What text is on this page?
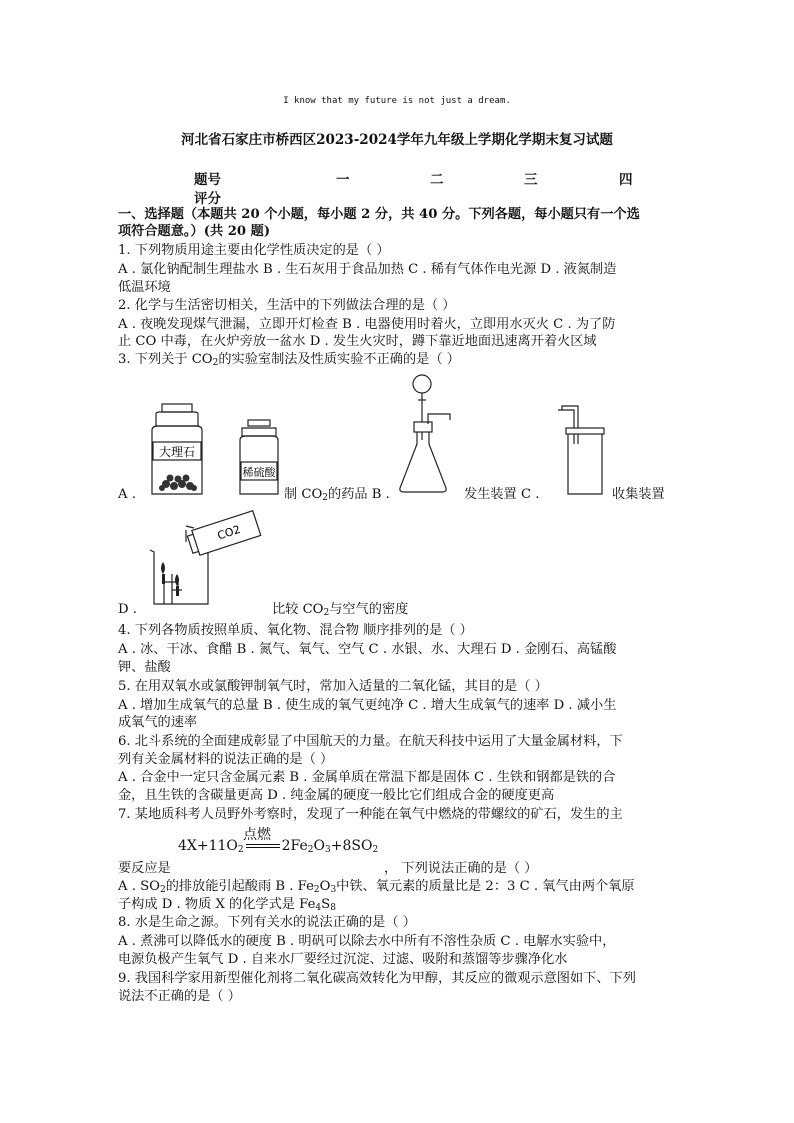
I know that my future is not just a dream.
河北省石家庄市桥西区2023-2024学年九年级上学期化学期末复习试题
题号	一	二	三	四
评分
一、选择题（本题共 20 个小题，每小题 2 分，共 40 分。下列各题，每小题只有一个选
项符合题意。）(共 20 题)
1. 下列物质用途主要由化学性质决定的是（ ）
A . 氯化钠配制生理盐水 B . 生石灰用于食品加热 C . 稀有气体作电光源 D . 液氮制造
低温环境
2. 化学与生活密切相关，生活中的下列做法合理的是（ ）
A . 夜晚发现煤气泄漏，立即开灯检查 B . 电器使用时着火，立即用水灭火 C . 为了防
止 CO 中毒，在火炉旁放一盆水 D . 发生火灾时，蹲下靠近地面迅速离开着火区域
3. 下列关于 $CO_2$的实验室制法及性质实验不正确的是（ ）
大理石
稀硫酸
A .	制 $CO_2$的药品 B .	发生装置 C .	收集装置
CO2
D .	比较 $CO_2$与空气的密度
4. 下列各物质按照单质、氧化物、混合物 顺序排列的是（ ）
A . 冰、干冰、食醋 B . 氮气、氧气、空气 C . 水银、水、大理石 D . 金刚石、高锰酸
钾、盐酸
5. 在用双氧水或氯酸钾制氧气时，常加入适量的二氧化锰，其目的是（ ）
A . 增加生成氧气的总量 B . 使生成的氧气更纯净 C . 增大生成氧气的速率 D . 减小生
成氧气的速率
6. 北斗系统的全面建成彰显了中国航天的力量。在航天科技中运用了大量金属材料，下
列有关金属材料的说法正确的是（ ）
A . 合金中一定只含金属元素 B . 金属单质在常温下都是固体 C . 生铁和钢都是铁的合
金，且生铁的含碳量更高 D . 纯金属的硬度一般比它们组成合金的硬度更高
7. 某地质科考人员野外考察时，发现了一种能在氧气中燃烧的带螺纹的矿石，发生的主
点燃
$4X+11O_2$	$2Fe_2O_3+8SO_2$
要反应是	， 下列说法正确的是（ ）
A . $SO_2$的排放能引起酸雨 B . $Fe_2O_3$中铁、氧元素的质量比是 2：3 C . 氧气由两个氧原
子构成 D . 物质 X 的化学式是 $Fe_4S_8$
8. 水是生命之源。下列有关水的说法正确的是（ ）
A . 煮沸可以降低水的硬度 B . 明矾可以除去水中所有不溶性杂质 C . 电解水实验中，
电源负极产生氧气 D . 自来水厂要经过沉淀、过滤、吸附和蒸馏等步骤净化水
9. 我国科学家用新型催化剂将二氧化碳高效转化为甲醇，其反应的微观示意图如下、下列
说法不正确的是（ ）
